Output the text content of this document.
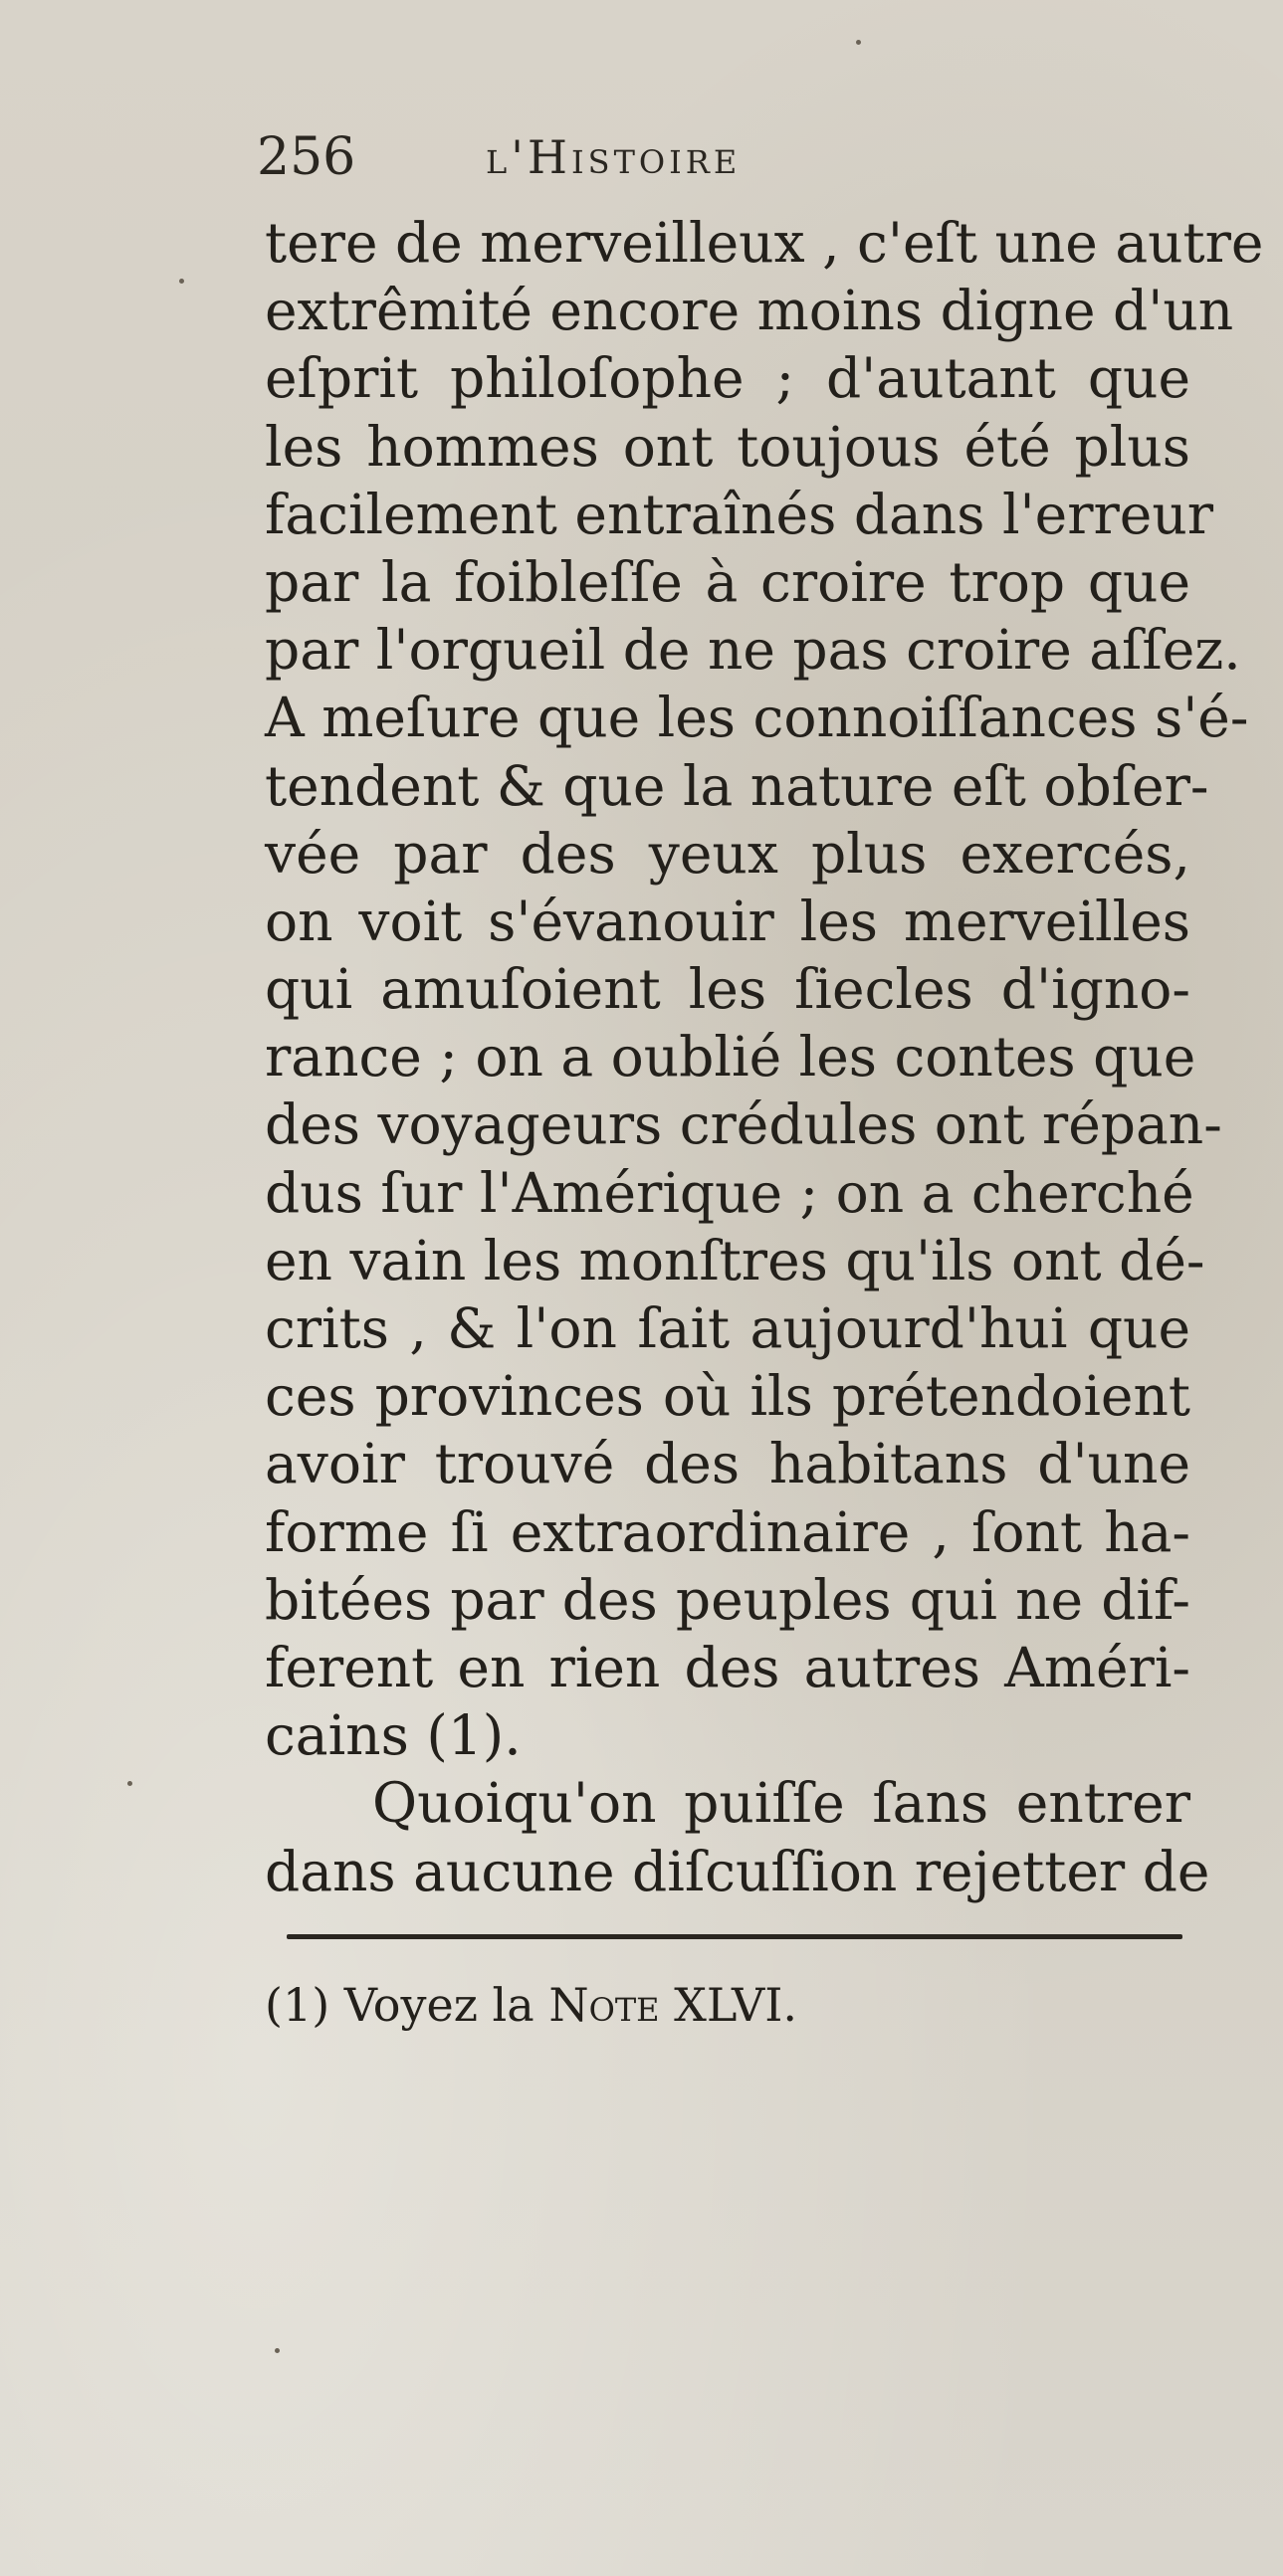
256	l'Histoire
tere de merveilleux , c'eſt une autre
extrêmité encore moins digne d'un
eſprit philoſophe ; d'autant que
les hommes ont toujous été plus
facilement entraînés dans l'erreur
par la foibleſſe à croire trop que
par l'orgueil de ne pas croire aſſez.
A meſure que les connoiſſances s'é-
tendent & que la nature eſt obſer-
vée par des yeux plus exercés,
on voit s'évanouir les merveilles
qui amuſoient les ſiecles d'igno-
rance ; on a oublié les contes que
des voyageurs crédules ont répan-
dus ſur l'Amérique ; on a cherché
en vain les monſtres qu'ils ont dé-
crits , & l'on ſait aujourd'hui que
ces provinces où ils prétendoient
avoir trouvé des habitans d'une
forme ſi extraordinaire , ſont ha-
bitées par des peuples qui ne dif-
ferent en rien des autres Améri-
cains (1).
Quoiqu'on puiſſe ſans entrer
dans aucune diſcuſſion rejetter de
(1) Voyez la Note XLVI.
